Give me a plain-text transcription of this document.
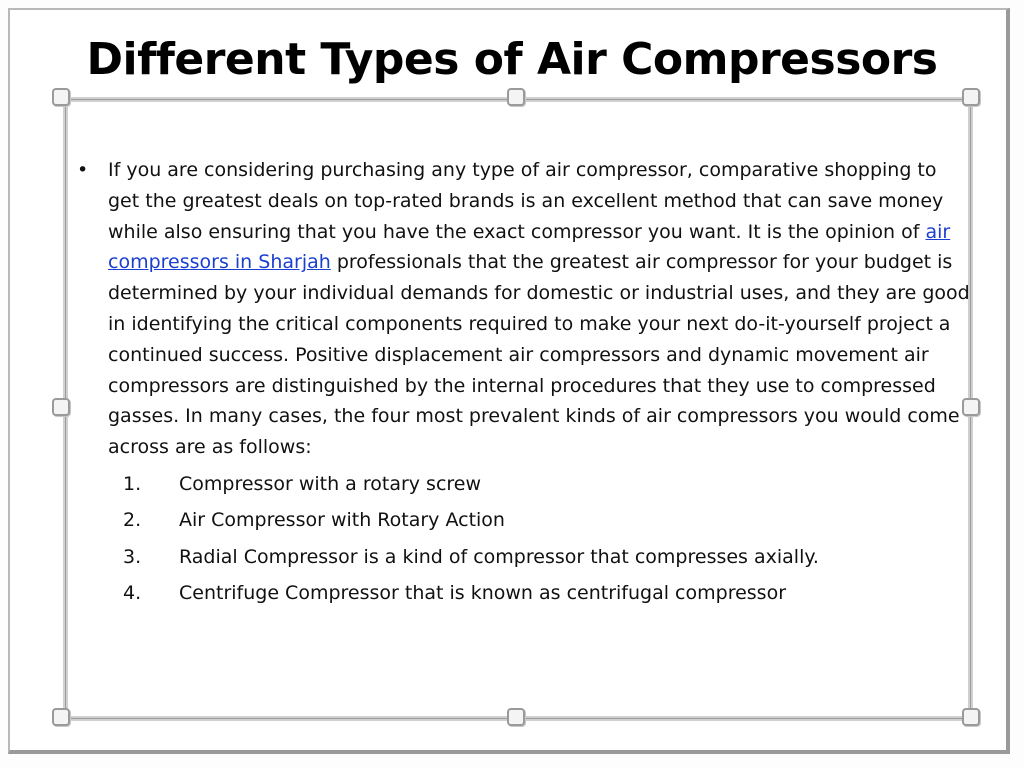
Different Types of Air Compressors
• If you are considering purchasing any type of air compressor, comparative shopping to get the greatest deals on top-rated brands is an excellent method that can save money while also ensuring that you have the exact compressor you want. It is the opinion of air compressors in Sharjah professionals that the greatest air compressor for your budget is determined by your individual demands for domestic or industrial uses, and they are good in identifying the critical components required to make your next do-it-yourself project a continued success. Positive displacement air compressors and dynamic movement air compressors are distinguished by the internal procedures that they use to compressed gasses. In many cases, the four most prevalent kinds of air compressors you would come across are as follows:
1. Compressor with a rotary screw
2. Air Compressor with Rotary Action
3. Radial Compressor is a kind of compressor that compresses axially.
4. Centrifuge Compressor that is known as centrifugal compressor
